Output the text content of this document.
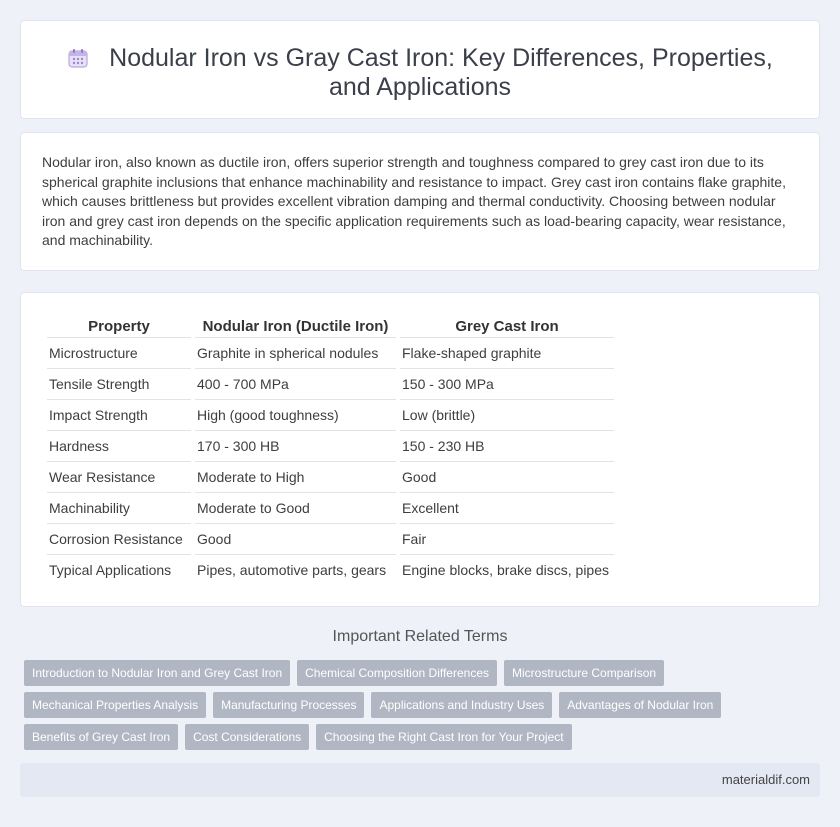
Nodular Iron vs Gray Cast Iron: Key Differences, Properties, and Applications

Nodular iron, also known as ductile iron, offers superior strength and toughness compared to grey cast iron due to its spherical graphite inclusions that enhance machinability and resistance to impact. Grey cast iron contains flake graphite, which causes brittleness but provides excellent vibration damping and thermal conductivity. Choosing between nodular iron and grey cast iron depends on the specific application requirements such as load-bearing capacity, wear resistance, and machinability.

Property	Nodular Iron (Ductile Iron)	Grey Cast Iron
Microstructure	Graphite in spherical nodules	Flake-shaped graphite
Tensile Strength	400 - 700 MPa	150 - 300 MPa
Impact Strength	High (good toughness)	Low (brittle)
Hardness	170 - 300 HB	150 - 230 HB
Wear Resistance	Moderate to High	Good
Machinability	Moderate to Good	Excellent
Corrosion Resistance	Good	Fair
Typical Applications	Pipes, automotive parts, gears	Engine blocks, brake discs, pipes
Important Related Terms
Introduction to Nodular Iron and Grey Cast Iron	Chemical Composition Differences	Microstructure Comparison
Mechanical Properties Analysis	Manufacturing Processes	Applications and Industry Uses	Advantages of Nodular Iron
Benefits of Grey Cast Iron	Cost Considerations	Choosing the Right Cast Iron for Your Project
materialdif.com
